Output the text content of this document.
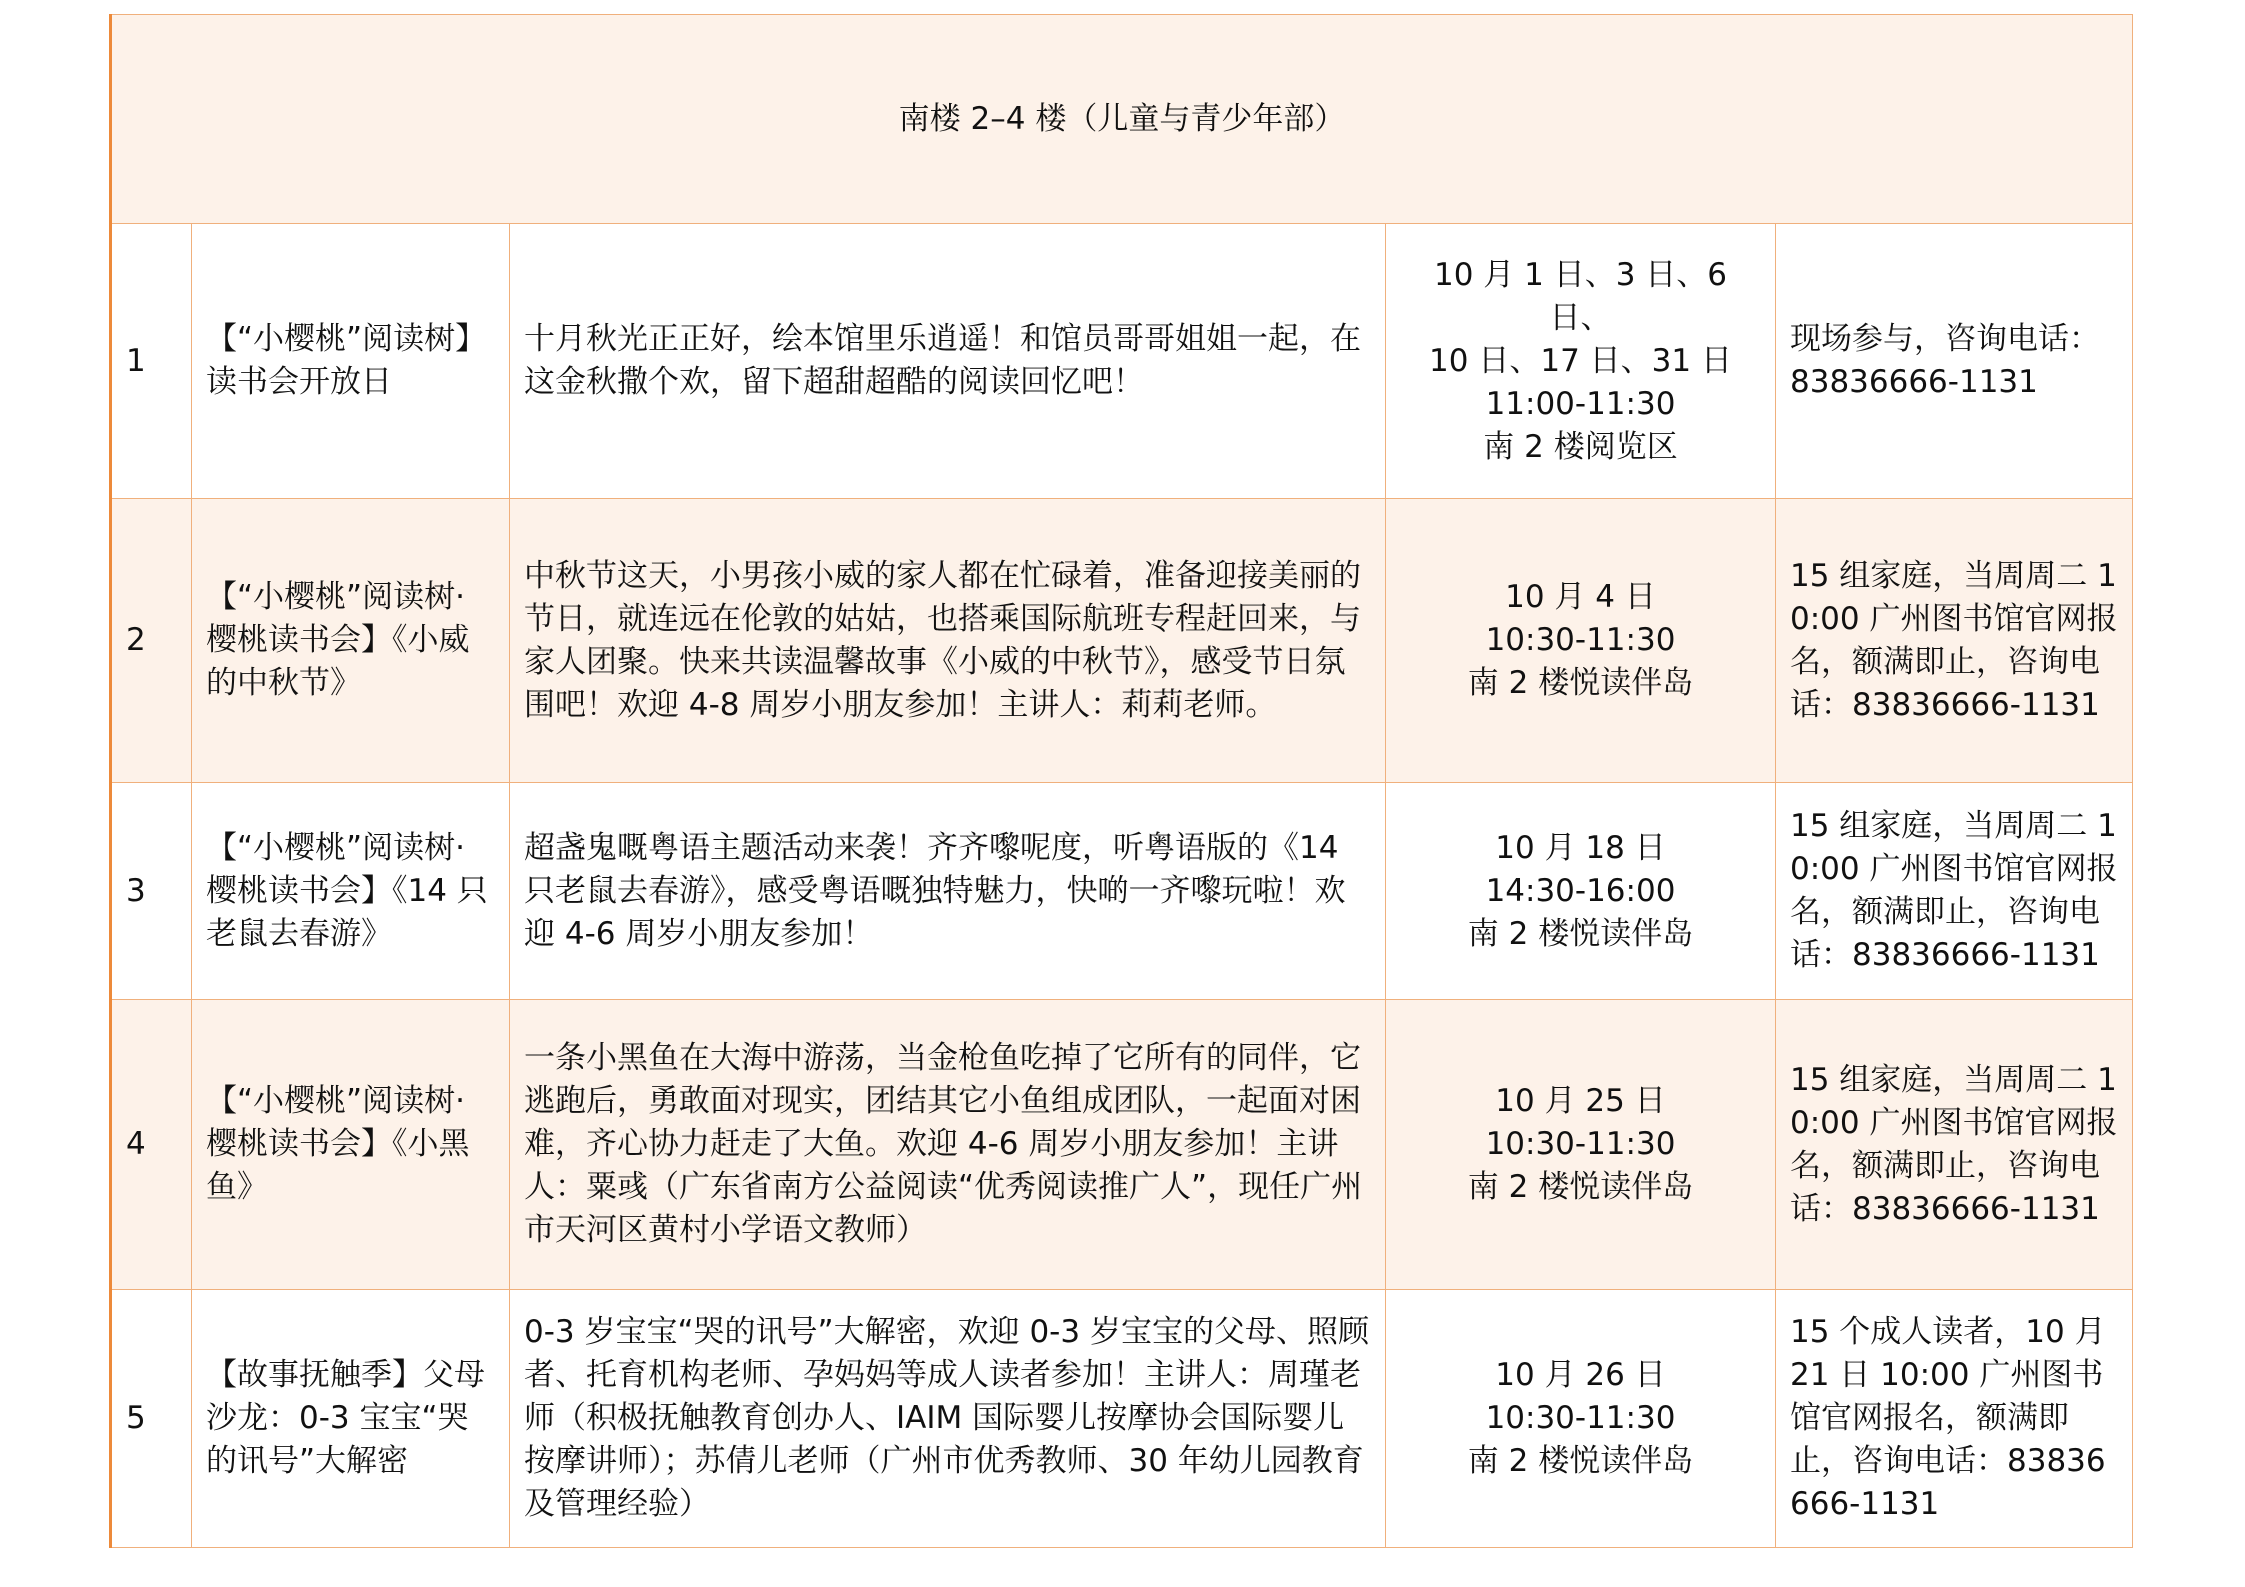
南楼 2–4 楼（儿童与青少年部）				
1	【“小樱桃”阅读树】读书会开放日	十月秋光正正好，绘本馆里乐逍遥！和馆员哥哥姐姐一起，在这金秋撒个欢，留下超甜超酷的阅读回忆吧！	10 月 1 日、3 日、6 日、
10 日、17 日、31 日
11:00-11:30
南 2 楼阅览区	现场参与，咨询电话：83836666-1131
2	【“小樱桃”阅读树·樱桃读书会】《小威的中秋节》	中秋节这天，小男孩小威的家人都在忙碌着，准备迎接美丽的节日，就连远在伦敦的姑姑，也搭乘国际航班专程赶回来，与家人团聚。快来共读温馨故事《小威的中秋节》，感受节日氛围吧！欢迎 4-8 周岁小朋友参加！主讲人：莉莉老师。	10 月 4 日
10:30-11:30
南 2 楼悦读伴岛	15 组家庭，当周周二 10:00 广州图书馆官网报名，额满即止，咨询电话：83836666-1131
3	【“小樱桃”阅读树·樱桃读书会】《14 只老鼠去春游》	超盏鬼嘅粤语主题活动来袭！齐齐嚟呢度，听粤语版的《14 只老鼠去春游》，感受粤语嘅独特魅力，快啲一齐嚟玩啦！欢迎 4-6 周岁小朋友参加！	10 月 18 日
14:30-16:00
南 2 楼悦读伴岛	15 组家庭，当周周二 10:00 广州图书馆官网报名，额满即止，咨询电话：83836666-1131
4	【“小樱桃”阅读树·樱桃读书会】《小黑鱼》	一条小黑鱼在大海中游荡，当金枪鱼吃掉了它所有的同伴，它逃跑后，勇敢面对现实，团结其它小鱼组成团队，一起面对困难，齐心协力赶走了大鱼。欢迎 4-6 周岁小朋友参加！主讲人：粟彧（广东省南方公益阅读“优秀阅读推广人”，现任广州市天河区黄村小学语文教师）	10 月 25 日
10:30-11:30
南 2 楼悦读伴岛	15 组家庭，当周周二 10:00 广州图书馆官网报名，额满即止，咨询电话：83836666-1131
5	【故事抚触季】父母沙龙：0-3 宝宝“哭的讯号”大解密	0-3 岁宝宝“哭的讯号”大解密，欢迎 0-3 岁宝宝的父母、照顾者、托育机构老师、孕妈妈等成人读者参加！主讲人：周瑾老师（积极抚触教育创办人、IAIM 国际婴儿按摩协会国际婴儿按摩讲师）；苏倩儿老师（广州市优秀教师、30 年幼儿园教育及管理经验）	10 月 26 日
10:30-11:30
南 2 楼悦读伴岛	15 个成人读者，10 月 21 日 10:00 广州图书馆官网报名，额满即止，咨询电话：83836666-1131
